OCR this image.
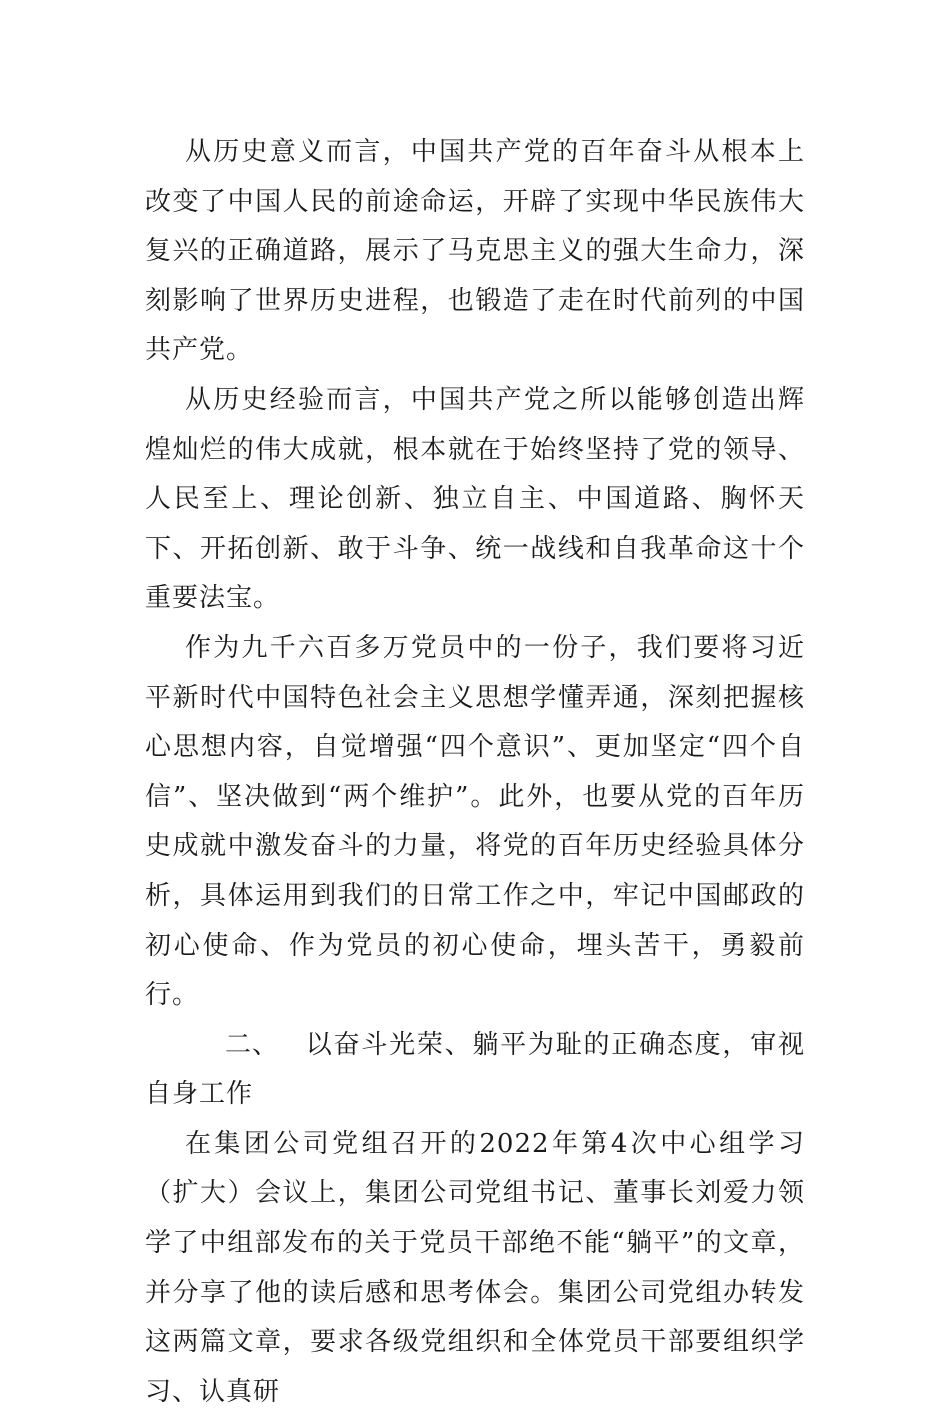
从历史意义而言，中国共产党的百年奋斗从根本上改变了中国人民的前途命运，开辟了实现中华民族伟大复兴的正确道路，展示了马克思主义的强大生命力，深刻影响了世界历史进程，也锻造了走在时代前列的中国共产党。

从历史经验而言，中国共产党之所以能够创造出辉煌灿烂的伟大成就，根本就在于始终坚持了党的领导、人民至上、理论创新、独立自主、中国道路、胸怀天下、开拓创新、敢于斗争、统一战线和自我革命这十个重要法宝。

作为九千六百多万党员中的一份子，我们要将习近平新时代中国特色社会主义思想学懂弄通，深刻把握核心思想内容，自觉增强“四个意识”、更加坚定“四个自信”、坚决做到“两个维护”。此外，也要从党的百年历史成就中激发奋斗的力量，将党的百年历史经验具体分析，具体运用到我们的日常工作之中，牢记中国邮政的初心使命、作为党员的初心使命，埋头苦干，勇毅前行。

二、 以奋斗光荣、躺平为耻的正确态度，审视自身工作

在集团公司党组召开的2022年第4次中心组学习（扩大）会议上，集团公司党组书记、董事长刘爱力领学了中组部发布的关于党员干部绝不能“躺平”的文章，并分享了他的读后感和思考体会。集团公司党组办转发这两篇文章，要求各级党组织和全体党员干部要组织学习、认真研
